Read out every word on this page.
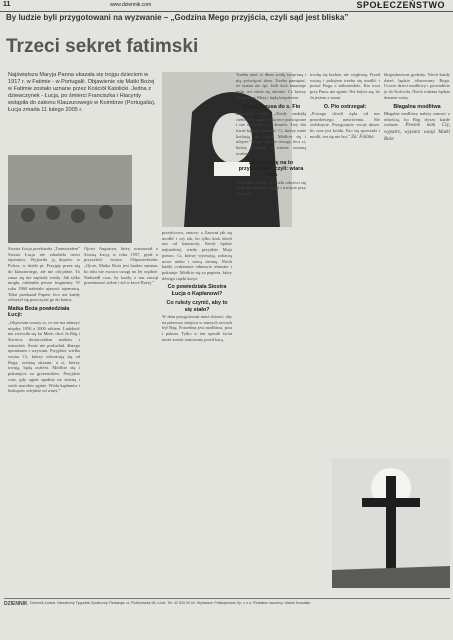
11	www.dziennik.com	SPOŁECZEŃSTWO
By ludzie byli przygotowani na wyzwanie – „Godzina Mego przyjścia, czyli sąd jest bliska”
Trzeci sekret fatimski
Najświętsza Maryja Panna ukazała się trojgu dzieciom w 1917 r. w Fatimie - w Portugalii. Objawienie się Matki Bożej w Fatimie zostało uznane przez Kościół Katolicki. Jedna z dziewczynek - Łucja, po śmierci Franciszka i Hiacynty wstąpiła do zakonu Klauzurowego w Koimbrze (Portugalia), Łucja zmarła 11 lutego 2005 r.
Siostra Łucja przekazała „Tomuczałem” Siostra Łucja nie zdradziła treści tajemnicy. Wyjawiła ją dopiero w Polsce, w dziele pt. Przyjęty przez nią do klasztornego, ale nie oficjalnie. To zaraz się nie zapisały wtedy. Jak tylko mogła, odsłoniła pewne fragmenty. W roku 1960 należało ujawnić tajemnicę. Tekst przekazał Papież, lecz nie każdy odważył się przeczytać go do końca.
Matka Boża powiedziała Łucji:
„Objawiam twarzy to, co nie ma zdarzyć między 1950 a 2000 rokiem. Ludzkość nie zwróciła się ku Mnie, choć Ja Bóg i Stwórca dostarczałem znaków i ostrzeżeń. Świat nie posłuchał, dlatego upominam i wzywam. Przyjdzie wielka wojna. Ci, którzy odwracają się od Boga, zostaną ukarani, a ci, którzy trwają, będą ocaleni. Módlcie się i pokutujcie za grzeszników. Przyjdzie czas, gdy ogień spadnie na ziemię i wiele narodów zginie. Wielu kapłanów i biskupów odejdzie od wiary.”
Ojciec Augustyn, który rozmawiał z Siostrą Łucją w roku 1957, pytał o przyszłość świata. Odpowiedziała: „Ojcze, Matka Boża jest bardzo smutna, bo nikt nie zwraca uwagi na Jej orędzie. Nadszedł czas, by każdy z nas zaczął przemieniać siebie i żył w łasce Bożej.”
przejściowo, znaczy: a Zauważ jak się modlić i czy tak, bo tylko krok dzieli nas od katastrofy. Kiedy będzie najtrudniej, wtedy przyjdzie Moja pomoc. Ci, którzy wytrwają, zobaczą nowe niebo i nową ziemię. Niech każdy codziennie odmawia różaniec i pokutuje. Módlcie się za papieża, który dźwiga ciężki krzyż.
Co powiedziała Siostra Łucja o Kapłanowi?
Co ruleźy czynić, aby to się stało?
W dniu przygotowań musi dotrzeć, aby na pierwszy miejscu w naszych sercach był Bóg. Potrzebna jest modlitwa, post i pokuta. Tylko w ten sposób świat może zostać uratowany przed karą.
Trzeba mieć w dłoni wodę święconą i nią poświęcać dom. Trzeba pamiętać, że szatan nie śpi. Jeśli ktoś zmarnuje łaski, nie zdoła się obronić. Ci, którzy trwają przy Maryi, będą bezpieczni.
Słowa Jezusa do s. Fio
Zbawiciel rzekł: „Kiedy nadejdą ciemności, zapalcie świece poświęcone i nie wychodźcie z domów. Trzy dni trwać będzie ciemność. Ci, którzy mnie kochają, nie zginą. Módlcie się i ufajcie.” Świat ogarnie trwoga, lecz ci, którzy wytrwają w wierze, zostaną ocaleni.
Abyście się na to przygotowali, czyli: wiara mała
Nie będzie łatwo, bo wielu odwróci się od Boga. Bądźcie czujni i trwajcie przy Kościele.
trochę się bodzie, nie wygłoszę. Przed wojną i pokojem trzeba się modlić i prosić Boga o miłosierdzie. Kto trwa przy Panu, nie zginie. Nie bójcie się, bo Ja jestem z wami.
O. Pio ostrzegał:
„Powaga chwili żąda od nas prawdziwego nawrócenia. Nie zwlekajcie. Przygotujcie swoje dusze, bo czas jest krótki. Kto się spowiada i modli, ten się nie boi.” Za: Fatima
błogosławione godziny. Niech każdy dzień będzie ofiarowany Bogu. Uczcie dzieci modlitwy i prowadźcie je do Kościoła. Niech rodzina będzie domem wiary.
Błagalna modlitwa
Błagalne modlitwy należy zanosić z ufnością, bo Bóg słyszy każde wołanie. Pewnie nam Cię, wypatrz, wypatrz wargi Matki Boże
DZIENNIK Dziennik Łódzki. Niezależny Tygodnik Społeczny. Redakcja: ul. Piotrkowska 96, Łódź. Tel. 42 633 00 00. Wydawca: Polskapresse Sp. z o.o. Redaktor naczelny: Marek Kowalski.
